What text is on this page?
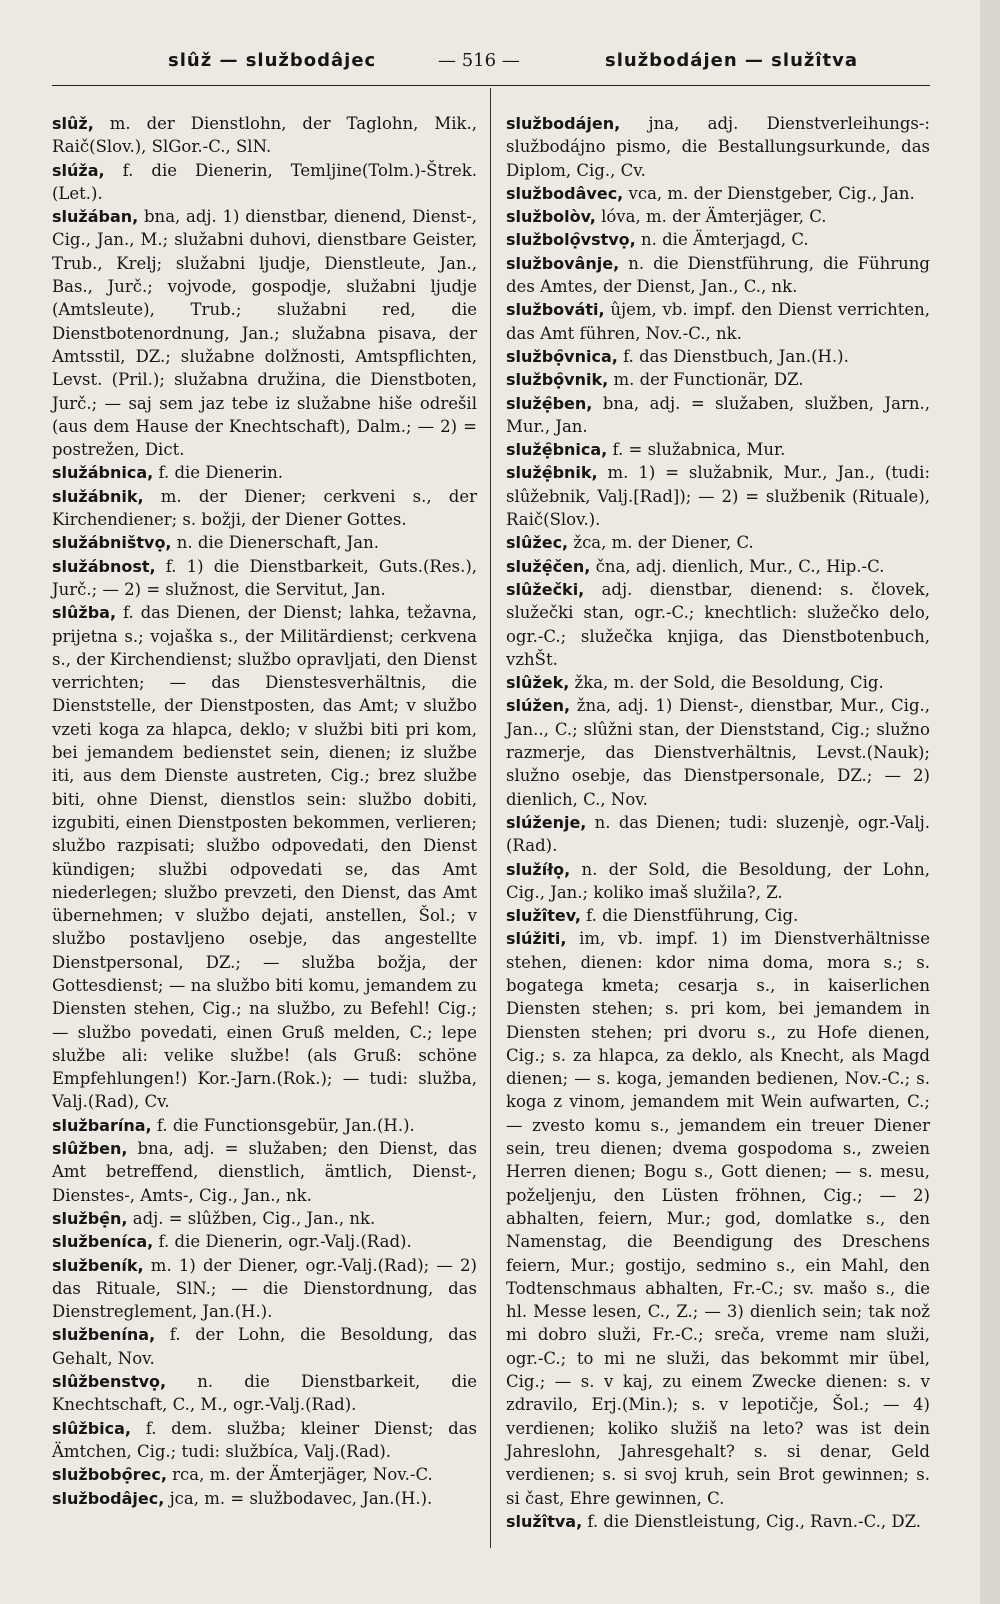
slûž — službodâjec	— 516 —	službodájen — služîtva

slûž, m. der Dienstlohn, der Taglohn, Mik., Raič(Slov.), SlGor.-C., SlN.

slúža, f. die Dienerin, Temljine(Tolm.)-Štrek. (Let.).

služában, bna, adj. 1) dienstbar, dienend, Dienst-, Cig., Jan., M.; služabni duhovi, dienstbare Geister, Trub., Krelj; služabni ljudje, Dienstleute, Jan., Bas., Jurč.; vojvode, gospodje, služabni ljudje (Amtsleute), Trub.; služabni red, die Dienstbotenordnung, Jan.; služabna pisava, der Amtsstil, DZ.; služabne dolžnosti, Amtspflichten, Levst. (Pril.); služabna družina, die Dienstboten, Jurč.; — saj sem jaz tebe iz služabne hiše odrešil (aus dem Hause der Knechtschaft), Dalm.; — 2) = postrežen, Dict.

služábnica, f. die Dienerin.

služábnik, m. der Diener; cerkveni s., der Kirchendiener; s. božji, der Diener Gottes.

služábništvọ, n. die Dienerschaft, Jan.

služábnost, f. 1) die Dienstbarkeit, Guts.(Res.), Jurč.; — 2) = služnost, die Servitut, Jan.

slûžba, f. das Dienen, der Dienst; lahka, težavna, prijetna s.; vojaška s., der Militärdienst; cerkvena s., der Kirchendienst; službo opravljati, den Dienst verrichten; — das Dienstesverhältnis, die Dienststelle, der Dienstposten, das Amt; v službo vzeti koga za hlapca, deklo; v službi biti pri kom, bei jemandem bedienstet sein, dienen; iz službe iti, aus dem Dienste austreten, Cig.; brez službe biti, ohne Dienst, dienstlos sein: službo dobiti, izgubiti, einen Dienstposten bekommen, verlieren; službo razpisati; službo odpovedati, den Dienst kündigen; službi odpovedati se, das Amt niederlegen; službo prevzeti, den Dienst, das Amt übernehmen; v službo dejati, anstellen, Šol.; v službo postavljeno osebje, das angestellte Dienstpersonal, DZ.; — služba božja, der Gottesdienst; — na službo biti komu, jemandem zu Diensten stehen, Cig.; na službo, zu Befehl! Cig.; — službo povedati, einen Gruß melden, C.; lepe službe ali: velike službe! (als Gruß: schöne Empfehlungen!) Kor.-Jarn.(Rok.); — tudi: služba, Valj.(Rad), Cv.

službarína, f. die Functionsgebür, Jan.(H.).

slûžben, bna, adj. = služaben; den Dienst, das Amt betreffend, dienstlich, ämtlich, Dienst-, Dienstes-, Amts-, Cig., Jan., nk.

službẹ̑n, adj. = slûžben, Cig., Jan., nk.

službeníca, f. die Dienerin, ogr.-Valj.(Rad).

službeník, m. 1) der Diener, ogr.-Valj.(Rad); — 2) das Rituale, SlN.; — die Dienstordnung, das Dienstreglement, Jan.(H.).

službenína, f. der Lohn, die Besoldung, das Gehalt, Nov.

slûžbenstvọ, n. die Dienstbarkeit, die Knechtschaft, C., M., ogr.-Valj.(Rad).

slûžbica, f. dem. služba; kleiner Dienst; das Ämtchen, Cig.; tudi: službíca, Valj.(Rad).

službobọ̑rec, rca, m. der Ämterjäger, Nov.-C.

službodâjec, jca, m. = službodavec, Jan.(H.).

službodájen, jna, adj. Dienstverleihungs-: službodájno pismo, die Bestallungsurkunde, das Diplom, Cig., Cv.

službodâvec, vca, m. der Dienstgeber, Cig., Jan.

službolòv, lóva, m. der Ämterjäger, C.

službolọ̑vstvọ, n. die Ämterjagd, C.

službovânje, n. die Dienstführung, die Führung des Amtes, der Dienst, Jan., C., nk.

službováti, ûjem, vb. impf. den Dienst verrichten, das Amt führen, Nov.-C., nk.

službọ̑vnica, f. das Dienstbuch, Jan.(H.).

službọ̑vnik, m. der Functionär, DZ.

služẹ̑ben, bna, adj. = služaben, služben, Jarn., Mur., Jan.

služẹ̑bnica, f. = služabnica, Mur.

služẹ̑bnik, m. 1) = služabnik, Mur., Jan., (tudi: slûžebnik, Valj.[Rad]); — 2) = službenik (Rituale), Raič(Slov.).

slûžec, žca, m. der Diener, C.

služẹ̑čen, čna, adj. dienlich, Mur., C., Hip.-C.

slûžečki, adj. dienstbar, dienend: s. človek, služečki stan, ogr.-C.; knechtlich: služečko delo, ogr.-C.; služečka knjiga, das Dienstbotenbuch, vzhŠt.

slûžek, žka, m. der Sold, die Besoldung, Cig.

slúžen, žna, adj. 1) Dienst-, dienstbar, Mur., Cig., Jan.., C.; slûžni stan, der Dienststand, Cig.; služno razmerje, das Dienstverhältnis, Levst.(Nauk); služno osebje, das Dienstpersonale, DZ.; — 2) dienlich, C., Nov.

slúženje, n. das Dienen; tudi: sluzenjè, ogr.-Valj.(Rad).

služíłọ, n. der Sold, die Besoldung, der Lohn, Cig., Jan.; koliko imaš služila?, Z.

služîtev, f. die Dienstführung, Cig.

slúžiti, im, vb. impf. 1) im Dienstverhältnisse stehen, dienen: kdor nima doma, mora s.; s. bogatega kmeta; cesarja s., in kaiserlichen Diensten stehen; s. pri kom, bei jemandem in Diensten stehen; pri dvoru s., zu Hofe dienen, Cig.; s. za hlapca, za deklo, als Knecht, als Magd dienen; — s. koga, jemanden bedienen, Nov.-C.; s. koga z vinom, jemandem mit Wein aufwarten, C.; — zvesto komu s., jemandem ein treuer Diener sein, treu dienen; dvema gospodoma s., zweien Herren dienen; Bogu s., Gott dienen; — s. mesu, poželjenju, den Lüsten fröhnen, Cig.; — 2) abhalten, feiern, Mur.; god, domlatke s., den Namenstag, die Beendigung des Dreschens feiern, Mur.; gostijo, sedmino s., ein Mahl, den Todtenschmaus abhalten, Fr.-C.; sv. mašo s., die hl. Messe lesen, C., Z.; — 3) dienlich sein; tak nož mi dobro služi, Fr.-C.; sreča, vreme nam služi, ogr.-C.; to mi ne služi, das bekommt mir übel, Cig.; — s. v kaj, zu einem Zwecke dienen: s. v zdravilo, Erj.(Min.); s. v lepotičje, Šol.; — 4) verdienen; koliko služiš na leto? was ist dein Jahreslohn, Jahresgehalt? s. si denar, Geld verdienen; s. si svoj kruh, sein Brot gewinnen; s. si čast, Ehre gewinnen, C.

služîtva, f. die Dienstleistung, Cig., Ravn.-C., DZ.
